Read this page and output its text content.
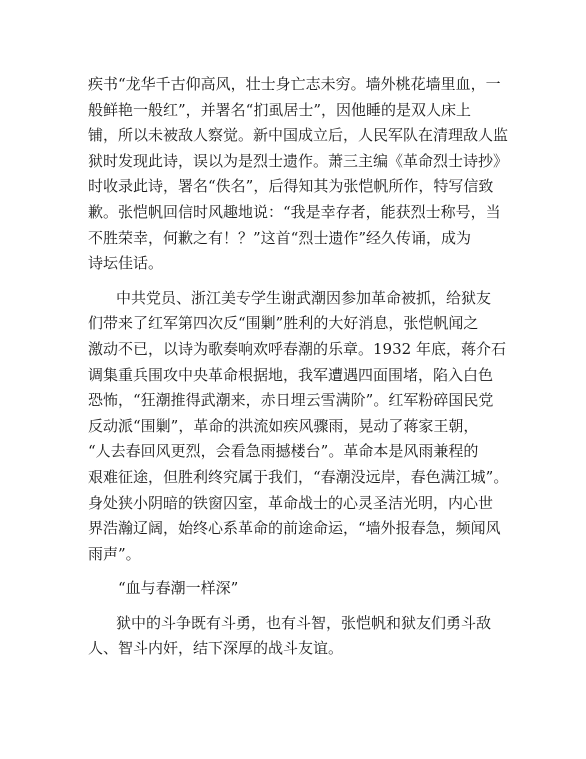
疾书“龙华千古仰高风，壮士身亡志未穷。墙外桃花墙里血，一
般鲜艳一般红”，并署名“扪虱居士”，因他睡的是双人床上
铺，所以未被敌人察觉。新中国成立后，人民军队在清理敌人监
狱时发现此诗，误以为是烈士遗作。萧三主编《革命烈士诗抄》
时收录此诗，署名“佚名”，后得知其为张恺帆所作，特写信致
歉。张恺帆回信时风趣地说：“我是幸存者，能获烈士称号，当
不胜荣幸，何歉之有！？”这首“烈士遗作”经久传诵，成为
诗坛佳话。
中共党员、浙江美专学生谢武潮因参加革命被抓，给狱友
们带来了红军第四次反“围剿”胜利的大好消息，张恺帆闻之
激动不已，以诗为歌奏响欢呼春潮的乐章。1932 年底，蒋介石
调集重兵围攻中央革命根据地，我军遭遇四面围堵，陷入白色
恐怖，“狂潮推得武潮来，赤日埋云雪满阶”。红军粉碎国民党
反动派“围剿”，革命的洪流如疾风骤雨，晃动了蒋家王朝，
“人去春回风更烈，会看急雨撼楼台”。革命本是风雨兼程的
艰难征途，但胜利终究属于我们，“春潮没远岸，春色满江城”。
身处狭小阴暗的铁窗囚室，革命战士的心灵圣洁光明，内心世
界浩瀚辽阔，始终心系革命的前途命运，“墙外报春急，频闻风
雨声”。
“血与春潮一样深”
狱中的斗争既有斗勇，也有斗智，张恺帆和狱友们勇斗敌
人、智斗内奸，结下深厚的战斗友谊。
